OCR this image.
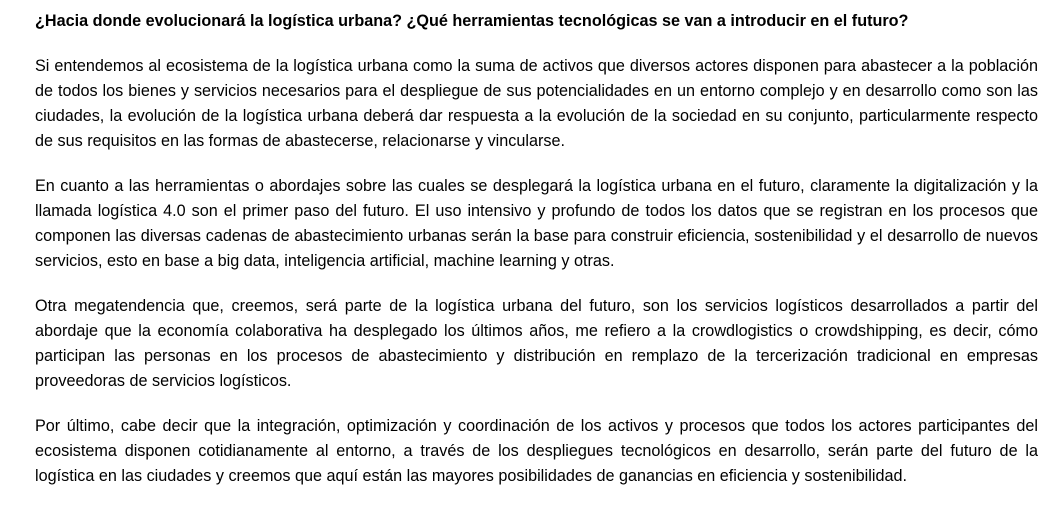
¿Hacia donde evolucionará la logística urbana? ¿Qué herramientas tecnológicas se van a introducir en el futuro?

Si entendemos al ecosistema de la logística urbana como la suma de activos que diversos actores disponen para abastecer a la población de todos los bienes y servicios necesarios para el despliegue de sus potencialidades en un entorno complejo y en desarrollo como son las ciudades, la evolución de la logística urbana deberá dar respuesta a la evolución de la sociedad en su conjunto, particularmente respecto de sus requisitos en las formas de abastecerse, relacionarse y vincularse.

En cuanto a las herramientas o abordajes sobre las cuales se desplegará la logística urbana en el futuro, claramente la digitalización y la llamada logística 4.0 son el primer paso del futuro. El uso intensivo y profundo de todos los datos que se registran en los procesos que componen las diversas cadenas de abastecimiento urbanas serán la base para construir eficiencia, sostenibilidad y el desarrollo de nuevos servicios, esto en base a big data, inteligencia artificial, machine learning y otras.

Otra megatendencia que, creemos, será parte de la logística urbana del futuro, son los servicios logísticos desarrollados a partir del abordaje que la economía colaborativa ha desplegado los últimos años, me refiero a la crowdlogistics o crowdshipping, es decir, cómo participan las personas en los procesos de abastecimiento y distribución en remplazo de la tercerización tradicional en empresas proveedoras de servicios logísticos.

Por último, cabe decir que la integración, optimización y coordinación de los activos y procesos que todos los actores participantes del ecosistema disponen cotidianamente al entorno, a través de los despliegues tecnológicos en desarrollo, serán parte del futuro de la logística en las ciudades y creemos que aquí están las mayores posibilidades de ganancias en eficiencia y sostenibilidad.
